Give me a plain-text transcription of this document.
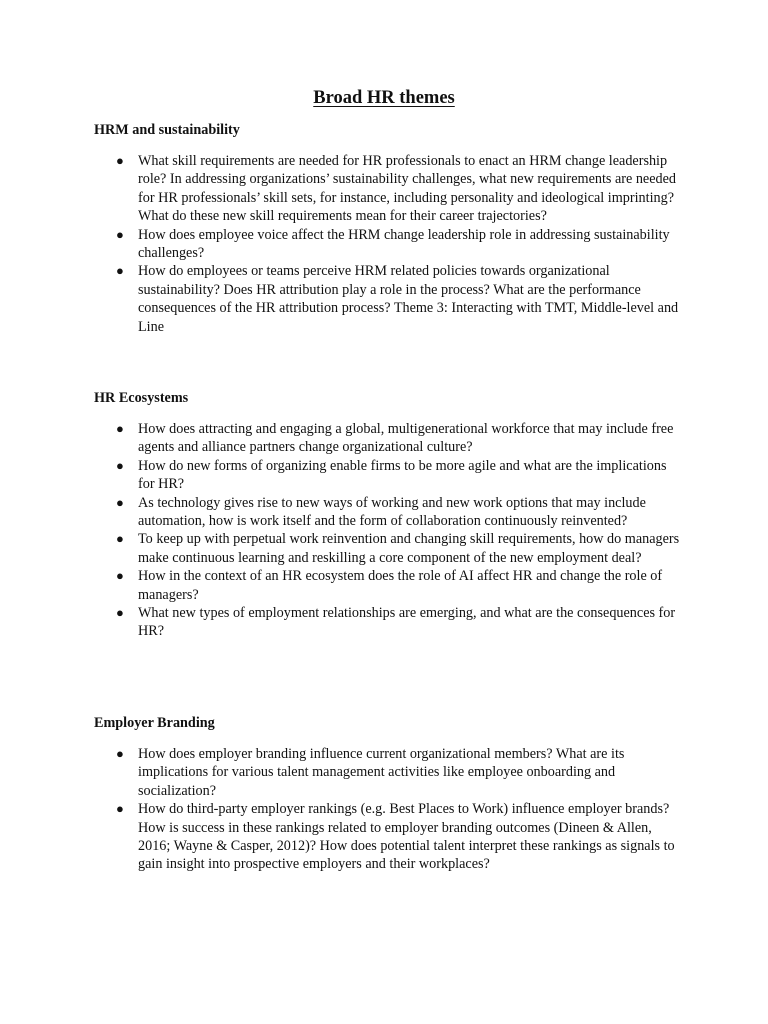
Broad HR themes

HRM and sustainability

● What skill requirements are needed for HR professionals to enact an HRM change leadership role? In addressing organizations’ sustainability challenges, what new requirements are needed for HR professionals’ skill sets, for instance, including personality and ideological imprinting? What do these new skill requirements mean for their career trajectories?
● How does employee voice affect the HRM change leadership role in addressing sustainability challenges?
● How do employees or teams perceive HRM related policies towards organizational sustainability? Does HR attribution play a role in the process? What are the performance consequences of the HR attribution process? Theme 3: Interacting with TMT, Middle-level and Line

HR Ecosystems

● How does attracting and engaging a global, multigenerational workforce that may include free agents and alliance partners change organizational culture?
● How do new forms of organizing enable firms to be more agile and what are the implications for HR?
● As technology gives rise to new ways of working and new work options that may include automation, how is work itself and the form of collaboration continuously reinvented?
● To keep up with perpetual work reinvention and changing skill requirements, how do managers make continuous learning and reskilling a core component of the new employment deal?
● How in the context of an HR ecosystem does the role of AI affect HR and change the role of managers?
● What new types of employment relationships are emerging, and what are the consequences for HR?

Employer Branding

● How does employer branding influence current organizational members? What are its implications for various talent management activities like employee onboarding and socialization?
● How do third-party employer rankings (e.g. Best Places to Work) influence employer brands? How is success in these rankings related to employer branding outcomes (Dineen & Allen, 2016; Wayne & Casper, 2012)? How does potential talent interpret these rankings as signals to gain insight into prospective employers and their workplaces?
